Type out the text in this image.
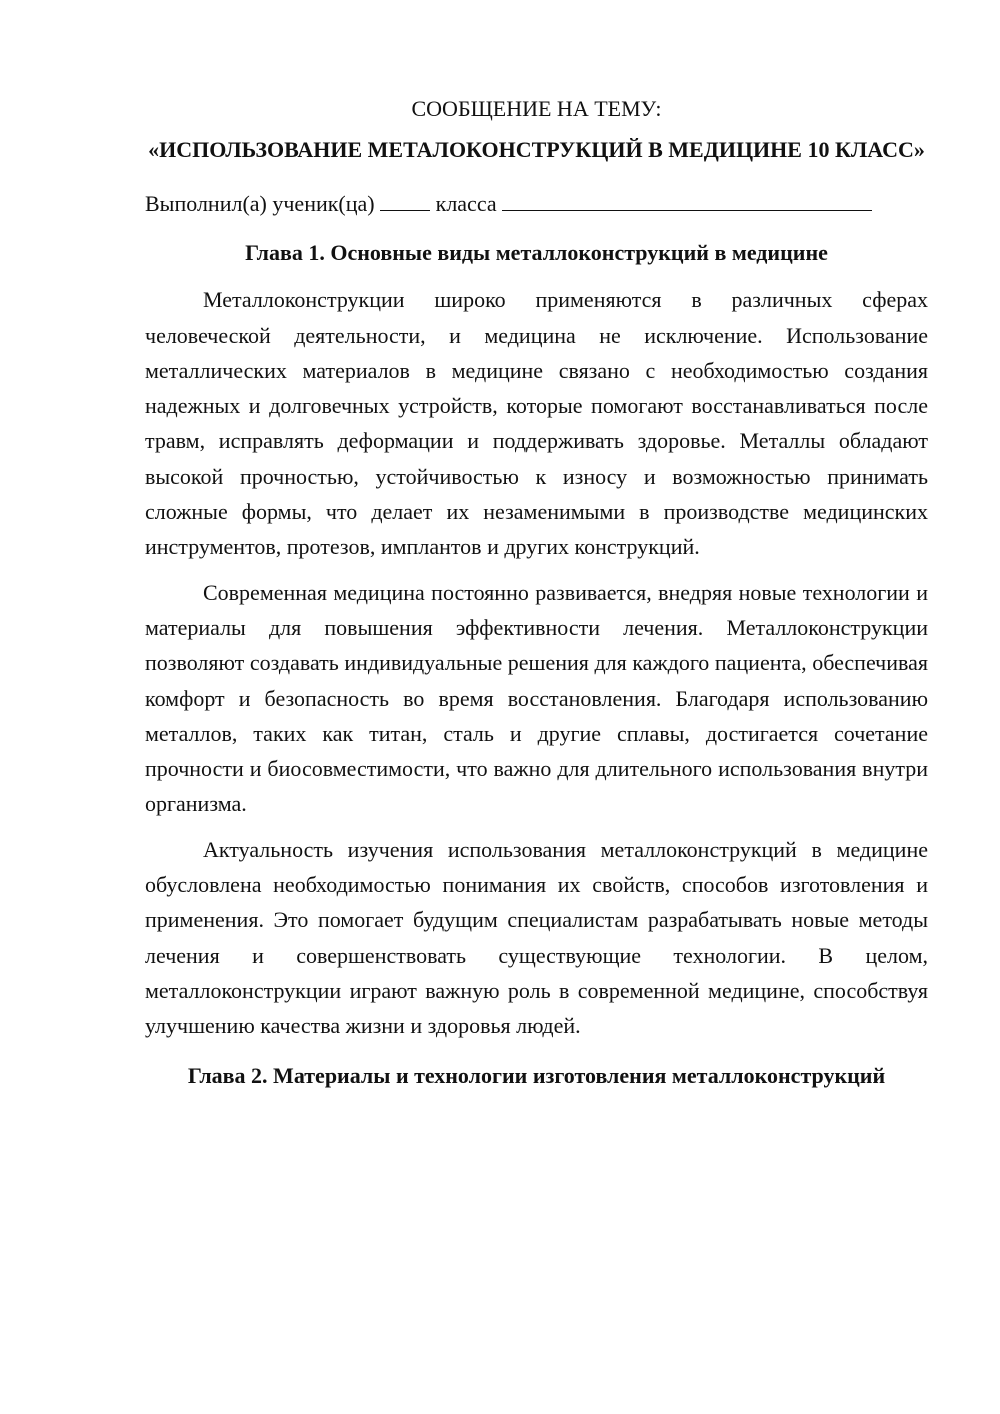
СООБЩЕНИЕ НА ТЕМУ:

«ИСПОЛЬЗОВАНИЕ МЕТАЛОКОНСТРУКЦИЙ В МЕДИЦИНЕ 10 КЛАСС»

Выполнил(а) ученик(ца)	класса

Глава 1. Основные виды металлоконструкций в медицине

Металлоконструкции широко применяются в различных сферах человеческой деятельности, и медицина не исключение. Использование металлических материалов в медицине связано с необходимостью создания надежных и долговечных устройств, которые помогают восстанавливаться после травм, исправлять деформации и поддерживать здоровье. Металлы обладают высокой прочностью, устойчивостью к износу и возможностью принимать сложные формы, что делает их незаменимыми в производстве медицинских инструментов, протезов, имплантов и других конструкций.

Современная медицина постоянно развивается, внедряя новые технологии и материалы для повышения эффективности лечения. Металлоконструкции позволяют создавать индивидуальные решения для каждого пациента, обеспечивая комфорт и безопасность во время восстановления. Благодаря использованию металлов, таких как титан, сталь и другие сплавы, достигается сочетание прочности и биосовместимости, что важно для длительного использования внутри организма.

Актуальность изучения использования металлоконструкций в медицине обусловлена необходимостью понимания их свойств, способов изготовления и применения. Это помогает будущим специалистам разрабатывать новые методы лечения и совершенствовать существующие технологии. В целом, металлоконструкции играют важную роль в современной медицине, способствуя улучшению качества жизни и здоровья людей.

Глава 2. Материалы и технологии изготовления металлоконструкций
